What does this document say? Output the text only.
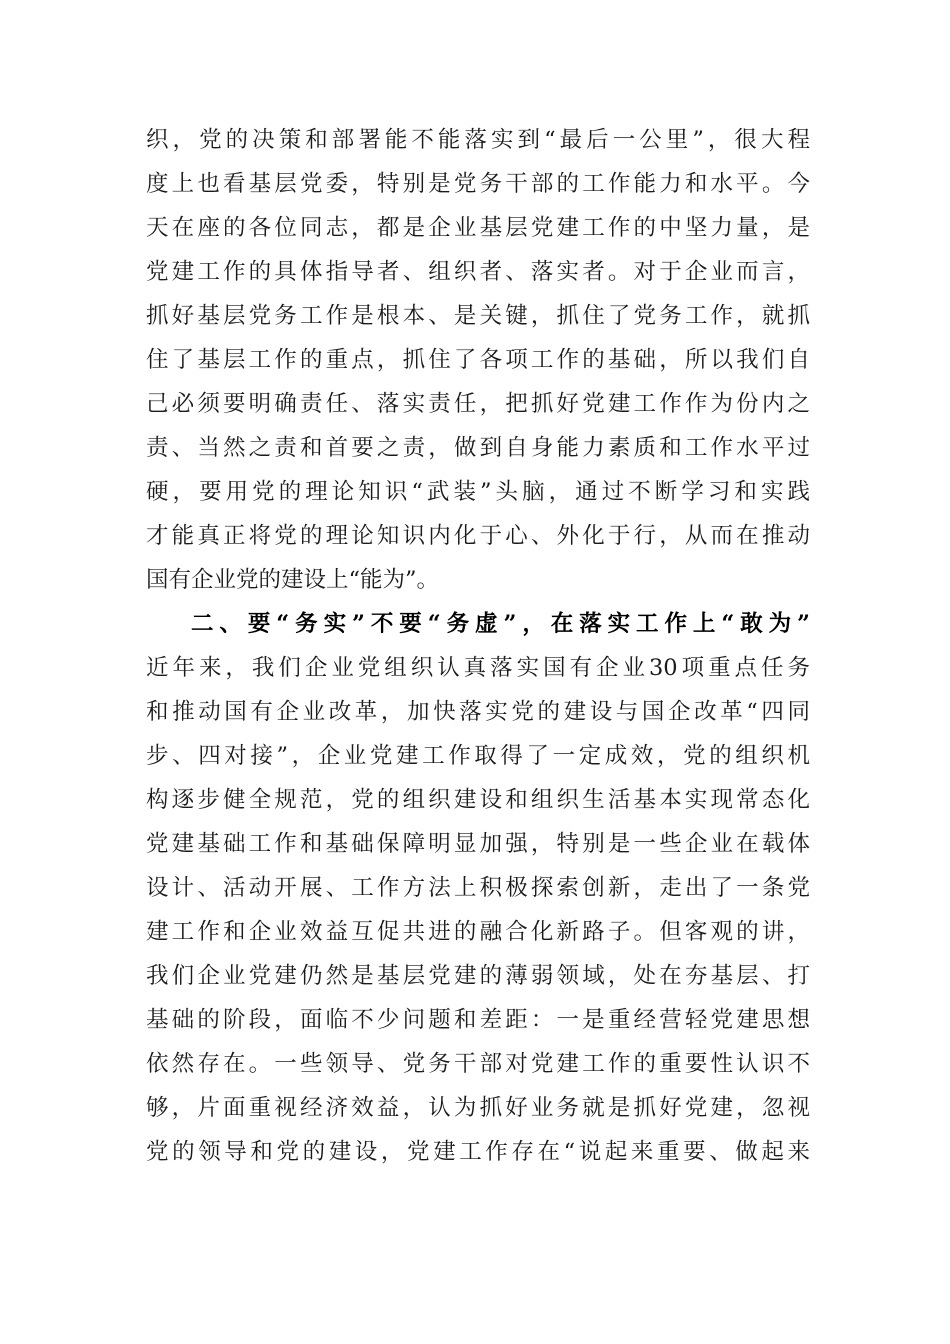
织，党的决策和部署能不能落实到“最后一公里”，很大程
度上也看基层党委，特别是党务干部的工作能力和水平。今
天在座的各位同志，都是企业基层党建工作的中坚力量，是
党建工作的具体指导者、组织者、落实者。对于企业而言，
抓好基层党务工作是根本、是关键，抓住了党务工作，就抓
住了基层工作的重点，抓住了各项工作的基础，所以我们自
己必须要明确责任、落实责任，把抓好党建工作作为份内之
责、当然之责和首要之责，做到自身能力素质和工作水平过
硬，要用党的理论知识“武装”头脑，通过不断学习和实践
才能真正将党的理论知识内化于心、外化于行，从而在推动
国有企业党的建设上“能为”。
二、要“务实”不要“务虚”，在落实工作上“敢为”
近年来，我们企业党组织认真落实国有企业30项重点任务
和推动国有企业改革，加快落实党的建设与国企改革“四同
步、四对接”，企业党建工作取得了一定成效，党的组织机
构逐步健全规范，党的组织建设和组织生活基本实现常态化
党建基础工作和基础保障明显加强，特别是一些企业在载体
设计、活动开展、工作方法上积极探索创新，走出了一条党
建工作和企业效益互促共进的融合化新路子。但客观的讲，
我们企业党建仍然是基层党建的薄弱领域，处在夯基层、打
基础的阶段，面临不少问题和差距：一是重经营轻党建思想
依然存在。一些领导、党务干部对党建工作的重要性认识不
够，片面重视经济效益，认为抓好业务就是抓好党建，忽视
党的领导和党的建设，党建工作存在“说起来重要、做起来
